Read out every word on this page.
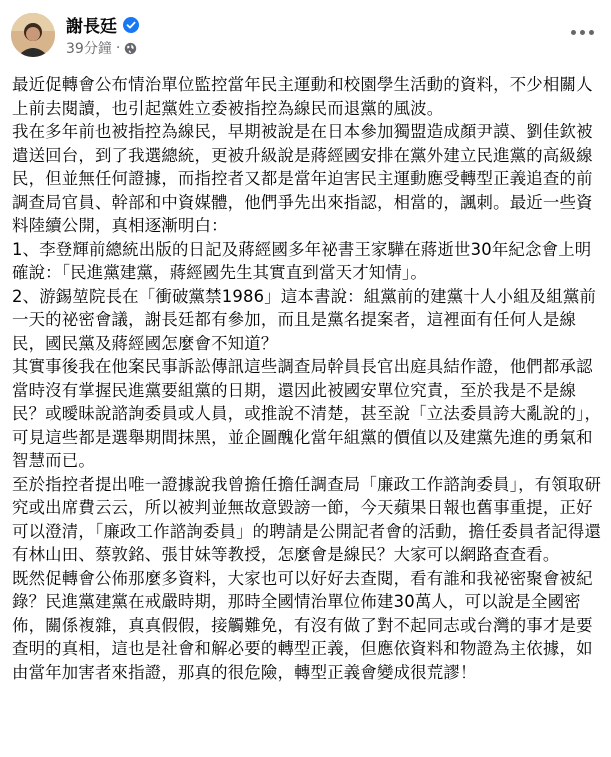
謝長廷
39分鐘 ·

最近促轉會公布情治單位監控當年民主運動和校園學生活動的資料，不少相關人上前去閱讀，也引起黨姓立委被指控為線民而退黨的風波。

我在多年前也被指控為線民，早期被說是在日本參加獨盟造成顏尹謨、劉佳欽被遣送回台，到了我選總統，更被升級說是蔣經國安排在黨外建立民進黨的高級線民，但並無任何證據，而指控者又都是當年迫害民主運動應受轉型正義追查的前調查局官員、幹部和中資媒體，他們爭先出來指認，相當的，諷刺。最近一些資料陸續公開，真相逐漸明白：

1、李登輝前總統出版的日記及蔣經國多年祕書王家驊在蔣逝世30年紀念會上明確說：「民進黨建黨，蔣經國先生其實直到當天才知情」。

2、游錫堃院長在「衝破黨禁1986」這本書說：組黨前的建黨十人小組及組黨前一天的祕密會議，謝長廷都有參加，而且是黨名提案者，這裡面有任何人是線民，國民黨及蔣經國怎麼會不知道？

其實事後我在他案民事訴訟傳訊這些調查局幹員長官出庭具結作證，他們都承認當時沒有掌握民進黨要組黨的日期，還因此被國安單位究責，至於我是不是線民？或曖昧說諮詢委員或人員，或推說不清楚，甚至說「立法委員誇大亂說的」，可見這些都是選舉期間抹黑，並企圖醜化當年組黨的價值以及建黨先進的勇氣和智慧而已。

至於指控者提出唯一證據說我曾擔任擔任調查局「廉政工作諮詢委員」，有領取研究或出席費云云，所以被判並無故意毀謗一節，今天蘋果日報也舊事重提，正好可以澄清，「廉政工作諮詢委員」的聘請是公開記者會的活動，擔任委員者記得還有林山田、蔡敦銘、張甘妹等教授，怎麼會是線民？大家可以網路查查看。

既然促轉會公佈那麼多資料，大家也可以好好去查閱，看有誰和我祕密聚會被紀錄？民進黨建黨在戒嚴時期，那時全國情治單位佈建30萬人，可以說是全國密佈，關係複雜，真真假假，接觸難免，有沒有做了對不起同志或台灣的事才是要查明的真相，這也是社會和解必要的轉型正義，但應依資料和物證為主依據，如由當年加害者來指證，那真的很危險，轉型正義會變成很荒謬！
